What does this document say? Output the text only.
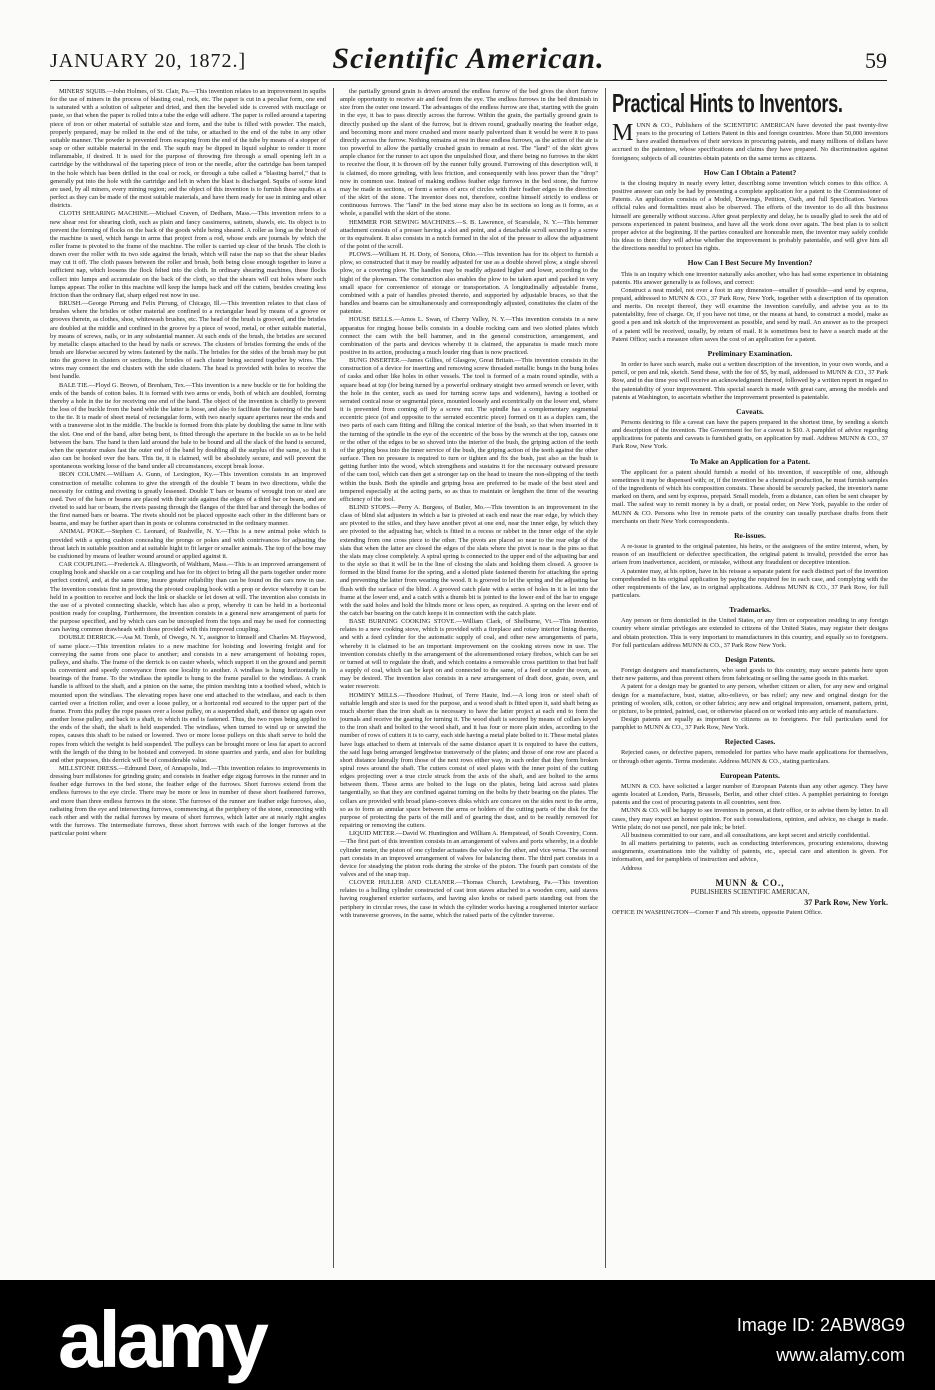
JANUARY 20, 1872.]	Scientific American.	59

MINERS' SQUIB.—John Holmes, of St. Clair, Pa.—This invention relates to an improvement in squibs for the use of miners in the process of blasting coal, rock, etc. The paper is cut in a peculiar form, one end is saturated with a solution of saltpeter and dried, and then the beveled side is covered with mucilage or paste, so that when the paper is rolled into a tube the edge will adhere. The paper is rolled around a tapering piece of iron or other material of suitable size and form, and the tube is filled with powder. The match, properly prepared, may be rolled in the end of the tube, or attached to the end of the tube in any other suitable manner. The powder is prevented from escaping from the end of the tube by means of a stopper of soap or other suitable material in the end. The squib may be dipped in liquid sulphur to render it more inflammable, if desired. It is used for the purpose of throwing fire through a small opening left in a cartridge by the withdrawal of the tapering piece of iron or the needle, after the cartridge has been tamped in the hole which has been drilled in the coal or rock, or through a tube called a "blasting barrel," that is generally put into the hole with the cartridge and left in when the blast is discharged. Squibs of some kind are used, by all miners, every mining region; and the object of this invention is to furnish these squibs at a perfect as they can be made of the most suitable materials, and have them ready for use in mining and other districts.

CLOTH SHEARING MACHINE.—Michael Craven, of Dedham, Mass.—This invention refers to a new shear rest for shearing cloth, such as plain and fancy cassimeres, satinets, shawls, etc. Its object is to prevent the forming of flocks on the back of the goods while being sheared. A roller as long as the brush of the machine is used, which hangs in arms that project from a rod, whose ends are journals by which the roller frame is pivoted to the frame of the machine. The roller is carried up clear of the brush. The cloth is drawn over the roller with its two side against the brush, which will raise the nap so that the shear blades may cut it off. The cloth passes between the roller and brush, both being close enough together to leave a sufficient nap, which loosens the flock felted into the cloth. In ordinary shearing machines, these flocks collect into lumps and accumulate on the back of the cloth, so that the shears will cut holes where such lumps appear. The roller in this machine will keep the lumps back and off the cutters, besides creating less friction than the ordinary flat, sharp edged rest now in use.

BRUSH.—George Pirrung and Felix Pirrung, of Chicago, Ill.—This invention relates to that class of brushes where the bristles or other material are confined to a rectangular head by means of a groove or grooves therein, as clothes, shoe, whitewash brushes, etc. The head of the brush is grooved, and the bristles are doubled at the middle and confined in the groove by a piece of wood, metal, or other suitable material, by means of screws, nails, or in any substantial manner. At such ends of the brush, the bristles are secured by metallic clasps attached to the head by nails or screws. The clusters of bristles forming the ends of the brush are likewise secured by wires fastened by the nails. The bristles for the sides of the brush may be put into the groove in clusters or sections, the bristles of each cluster being secured together by wires. The wires may connect the end clusters with the side clusters. The head is provided with holes to receive the best handle.

BALE TIE.—Floyd G. Brown, of Brenham, Tex.—This invention is a new buckle or tie for holding the ends of the bands of cotton bales. It is formed with two arms or ends, both of which are doubled, forming thereby a hole in the tie for receiving one end of the band. The object of the invention is chiefly to prevent the loss of the buckle from the band while the latter is loose, and also to facilitate the fastening of the band to the tie. It is made of sheet metal of rectangular form, with two nearly square apertures near the ends and with a transverse slot in the middle. The buckle is formed from this plate by doubling the same in line with the slot. One end of the band, after being bent, is fitted through the aperture in the buckle so as to be held between the bars. The band is then laid around the bale to be bound and all the slack of the band is secured, when the operator makes fast the outer end of the band by doubling all the surplus of the same, so that it also can be hooked over the bars. This tie, it is claimed, will be absolutely secure, and will prevent the spontaneous working loose of the band under all circumstances, except break loose.

IRON COLUMN.—William A. Gunn, of Lexington, Ky.—This invention consists in an improved construction of metallic columns to give the strength of the double T beam in two directions, while the necessity for cutting and riveting is greatly lessened. Double T bars or beams of wrought iron or steel are used. Two of the bars or beams are placed with their side against the edges of a third bar or beam, and are riveted to said bar or beam, the rivets passing through the flanges of the third bar and through the bodies of the first named bars or beams. The rivets should not be placed opposite each other in the different bars or beams, and may be further apart than in posts or columns constructed in the ordinary manner.

ANIMAL POKE.—Stephen C. Leonard, of Rushville, N. Y.—This is a new animal poke which is provided with a spring cushion concealing the prongs or pokes and with contrivances for adjusting the throat latch in suitable position and at suitable hight to fit larger or smaller animals. The top of the bow may be cushioned by means of leather wound around or applied against it.

CAR COUPLING.—Frederick A. Illingworth, of Waltham, Mass.—This is an improved arrangement of coupling hook and shackle on a car coupling and has for its object to bring all the parts together under more perfect control, and, at the same time, insure greater reliability than can be found on the cars now in use. The invention consists first in providing the pivoted coupling hook with a prop or device whereby it can be held in a position to receive and lock the link or shackle or let down at will. The invention also consists in the use of a pivoted connecting shackle, which has also a prop, whereby it can be held in a horizontal position ready for coupling. Furthermore, the invention consists in a general new arrangement of parts for the purpose specified, and by which cars can be uncoupled from the tops and may be used for connecting cars having common drawheads with those provided with this improved coupling.

DOUBLE DERRICK.—Asa M. Tomb, of Owego, N. Y., assignor to himself and Charles M. Haywood, of same place.—This invention relates to a new machine for hoisting and lowering freight and for conveying the same from one place to another; and consists in a new arrangement of hoisting ropes, pulleys, and shafts. The frame of the derrick is on caster wheels, which support it on the ground and permit its convenient and speedy conveyance from one locality to another. A windlass is hung horizontally in bearings of the frame. To the windlass the spindle is hung to the frame parallel to the windlass. A crank handle is affixed to the shaft, and a pinion on the same, the pinion meshing into a toothed wheel, which is mounted upon the windlass. The elevating ropes have one end attached to the windlass, and each is then carried over a friction roller, and over a loose pulley, or a horizontal rod secured to the upper part of the frame. From this pulley the rope passes over a loose pulley, on a suspended shaft, and thence up again over another loose pulley, and back to a shaft, to which its end is fastened. Thus, the two ropes being applied to the ends of the shaft, the shaft is held suspended. The windlass, when turned to wind up or unwind the ropes, causes this shaft to be raised or lowered. Two or more loose pulleys on this shaft serve to hold the ropes from which the weight is held suspended. The pulleys can be brought more or less far apart to accord with the length of the thing to be hoisted and conveyed. In stone quarries and yards, and also for building and other purposes, this derrick will be of considerable value.

MILLSTONE DRESS.—Edmund Deer, of Annapolis, Ind.—This invention relates to improvements in dressing burr millstones for grinding grain; and consists in feather edge zigzag furrows in the runner and in feather edge furrows in the bed stone, the feather edge of the furrows. Short furrows extend from the endless furrows to the eye circle. There may be more or less in number of these short feathered furrows, and more than three endless furrows in the stone. The furrows of the runner are feather edge furrows, also, radiating from the eye and intersecting furrows, commencing at the periphery of the stone, connecting with each other and with the radial furrows by means of short furrows, which latter are at nearly right angles with the furrows. The intermediate furrows, these short furrows with each of the longer furrows at the particular point where

the partially ground grain is driven around the endless furrow of the bed gives the short furrow ample opportunity to receive air and feed from the eye. The endless furrows in the bed diminish in size from the outer one inward. The advantages of the endless furrow are that, starting with the grain in the eye, it has to pass directly across the furrow. Within the grain, the partially ground grain is directly pushed up the slant of the furrow, but is driven round, gradually nearing the feather edge, and becoming more and more crushed and more nearly pulverized than it would be were it to pass directly across the furrow. Nothing remains at rest in these endless furrows, as the action of the air is too powerful to allow the partially crushed grain to remain at rest. The "land" of the skirt gives ample chance for the runner to act upon the unpulished flour, and there being no furrows in the skirt to receive the flour, it is thrown off by the runner fully ground. Furrowing of this description will, it is claimed, do more grinding, with less friction, and consequently with less power than the "drop" now in common use. Instead of making endless feather edge furrows in the bed stone, the furrow may be made in sections, or form a series of arcs of circles with their feather edges in the direction of the skirt of the stone. The inventor does not, therefore, confine himself strictly to endless or continuous furrows. The "land" in the bed stone may also be in sections so long as it forms, as a whole, a parallel with the skirt of the stone.

HEMMER FOR SEWING MACHINES.—S. B. Lawrence, of Scarsdale, N. Y.—This hemmer attachment consists of a presser having a slot and point, and a detachable scroll secured by a screw or its equivalent. It also consists in a notch formed in the slot of the presser to allow the adjustment of the point of the scroll.

PLOWS.—William H. H. Doty, of Sonora, Ohio.—This invention has for its object to furnish a plow, so constructed that it may be readily adjusted for use as a double shovel plow, a single shovel plow, or a covering plow. The handles may be readily adjusted higher and lower, according to the hight of the plowman. The construction also enables the plow to be taken apart and packed in very small space for convenience of storage or transportation. A longitudinally adjustable frame, combined with a pair of handles pivoted thereto, and supported by adjustable braces, so that the handles and beams can be simultaneously and correspondingly adjusted, constitutes the claim of the patentee.

HOUSE BELLS.—Amos L. Swan, of Cherry Valley, N. Y.—This invention consists in a new apparatus for ringing house bells consists in a double rocking cam and two slotted plates which connect the cam with the bell hammer, and in the general construction, arrangement, and combination of the parts and devices whereby it is claimed, the apparatus is made much more positive in its action, producing a much louder ring than is now practiced.

BUNG INSERTER.—James Gillies, of Glasgow, Great Britain.—This invention consists in the construction of a device for inserting and removing screw threaded metallic bungs in the bung holes of casks and other like holes in other vessels. The tool is formed of a main round spindle, with a square head at top (for being turned by a powerful ordinary straight two armed wrench or lever, with the hole in the center, such as used for turning screw taps and wideners), having a toothed or serrated conical nose or segmental piece, mounted loosely and eccentrically on the lower end, where it is prevented from coming off by a screw nut. The spindle has a complementary segmental eccentric piece (of and opposite to the serrated eccentric piece) formed on it as a duplex cam, the two parts of each cam fitting and filling the conical interior of the bush, so that when inserted in it the turning of the spindle in the eye of the eccentric of the boss by the wrench at the top, causes one or the other of the edges to be so shoved into the interior of the bush, the griping action of the teeth of the griping boss into the inner service of the bush, the griping action of the teeth against the other surface. Then no pressure is required to turn or tighten and fix the bush, just also as the bush is getting further into the wood, which strengthens and sustains it for the necessary outward pressure of the cam tool, which can then get a stronger tap on the head to insure the non-slipping of the teeth within the bush. Both the spindle and griping boss are preferred to be made of the best steel and tempered especially at the acting parts, so as thus to maintain or lengthen the time of the wearing efficiency of the tool.

BLIND STOPS.—Perry A. Burgess, of Butler, Mo.—This invention is an improvement in the class of blind slat adjusters in which a bar is pivoted at each end near the rear edge, by which they are pivoted to the stiles, and they have another pivot at one end, near the inner edge, by which they are pivoted to the adjusting bar, which is fitted in a recess or rabbet in the inner edge of the style extending from one cross piece to the other. The pivots are placed so near to the rear edge of the slats that when the latter are closed the edges of the slats where the pivot is near is the pins so that the slats may close completely. A spiral spring is connected to the upper end of the adjusting bar and to the style so that it will be in the line of closing the slats and holding them closed. A groove is formed in the blind frame for the spring, and a slotted plate fastened therein for attaching the spring and preventing the latter from wearing the wood. It is grooved to let the spring and the adjusting bar flush with the surface of the blind. A grooved catch plate with a series of holes in it is let into the frame at the lower end, and a catch with a thumb bit is jointed to the lower end of the bar to engage with the said holes and hold the blinds more or less open, as required. A spring on the lever end of the catch bar bearing on the catch keeps it in connection with the catch plate.

BASE BURNING COOKING STOVE.—William Clark, of Shelburne, Vt.—This invention relates to a new cooking stove, which is provided with a fireplace and rotary interior lining thereto, and with a feed cylinder for the automatic supply of coal, and other new arrangements of parts, whereby it is claimed to be an important improvement on the cooking stoves now in use. The invention consists chiefly in the arrangement of the aforementioned rotary firebox, which can be set or turned at will to regulate the draft, and which contains a removable cross partition to that but half a supply of coal, which can be kept on and connected to the same, of a feed or under the oven, as may be desired. The invention also consists in a new arrangement of draft door, grate, oven, and water reservoir.

HOMINY MILLS.—Theodore Hudnut, of Terre Haute, Ind.—A long iron or steel shaft of suitable length and size is used for the purpose, and a wood shaft is fitted upon it, said shaft being as much shorter than the iron shaft as is necessary to have the latter project at each end to form the journals and receive the gearing for turning it. The wood shaft is secured by means of collars keyed to the iron shaft and bolted to the wood shaft, and it has four or more plain sides, according to the number of rows of cutters it is to carry, each side having a metal plate bolted to it. These metal plates have lugs attached to them at intervals of the same distance apart it is required to have the cutters, the said lugs being arranged lengthwise transversely of the plates; and those of one row are placed a short distance laterally from those of the next rows either way, in such order that they form broken spiral rows around the shaft. The cutters consist of steel plates with the inner point of the cutting edges projecting over a true circle struck from the axis of the shaft, and are bolted to the arms between them. These arms are bolted to the lugs on the plates, being laid across said plates tangentially, so that they are confined against turning on the bolts by their bearing on the plates. The collars are provided with broad plano-convex disks which are concave on the sides next to the arms, so as to form an annular space between the arms or holders of the cutting parts of the disk for the purpose of protecting the parts of the mill and of gearing the dust, and to be readily removed for repairing or removing the cutters.

LIQUID METER.—David W. Huntington and William A. Hempstead, of South Coventry, Conn.—The first part of this invention consists in an arrangement of valves and ports whereby, in a double cylinder meter, the piston of one cylinder actuates the valve for the other, and vice versa. The second part consists in an improved arrangement of valves for balancing them. The third part consists in a device for steadying the piston rods during the stroke of the piston. The fourth part consists of the valves and of the snap trap.

CLOVER HULLER AND CLEANER.—Thomas Church, Lewisburg, Pa.—This invention relates to a hulling cylinder constructed of cast iron staves attached to a wooden core, said staves having roughened exterior surfaces, and having also knobs or raised parts standing out from the periphery in circular rows, the case in which the cylinder works having a roughened interior surface with transverse grooves, in the same, which the raised parts of the cylinder traverse.

Practical Hints to Inventors.

MUNN & CO., Publishers of the SCIENTIFIC AMERICAN have devoted the past twenty-five years to the procuring of Letters Patent in this and foreign countries. More than 50,000 inventors have availed themselves of their services in procuring patents, and many millions of dollars have accrued to the patentees, whose specifications and claims they have prepared. No discrimination against foreigners; subjects of all countries obtain patents on the same terms as citizens.

How Can I Obtain a Patent?

is the closing inquiry in nearly every letter, describing some invention which comes to this office. A positive answer can only be had by presenting a complete application for a patent to the Commissioner of Patents. An application consists of a Model, Drawings, Petition, Oath, and full Specification. Various official rules and formalities must also be observed. The efforts of the inventor to do all this business himself are generally without success. After great perplexity and delay, he is usually glad to seek the aid of persons experienced in patent business, and have all the work done over again. The best plan is to solicit proper advice at the beginning. If the parties consulted are honorable men, the inventor may safely confide his ideas to them: they will advise whether the improvement is probably patentable, and will give him all the directions needful to protect his rights.

How Can I Best Secure My Invention?

This is an inquiry which one inventor naturally asks another, who has had some experience in obtaining patents. His answer generally is as follows, and correct:

Construct a neat model, not over a foot in any dimension—smaller if possible—and send by express, prepaid, addressed to MUNN & CO., 37 Park Row, New York, together with a description of its operation and merits. On receipt thereof, they will examine the invention carefully, and advise you as to its patentability, free of charge. Or, if you have not time, or the means at hand, to construct a model, make as good a pen and ink sketch of the improvement as possible, and send by mail. An answer as to the prospect of a patent will be received, usually, by return of mail. It is sometimes best to have a search made at the Patent Office; such a measure often saves the cost of an application for a patent.

Preliminary Examination.

In order to have such search, make out a written description of the invention, in your own words, and a pencil, or pen and ink, sketch. Send these, with the fee of $5, by mail, addressed to MUNN & CO., 37 Park Row, and in due time you will receive an acknowledgment thereof, followed by a written report in regard to the patentability of your improvement. This special search is made with great care, among the models and patents at Washington, to ascertain whether the improvement presented is patentable.

Caveats.

Persons desiring to file a caveat can have the papers prepared in the shortest time, by sending a sketch and description of the invention. The Government fee for a caveat is $10. A pamphlet of advice regarding applications for patents and caveats is furnished gratis, on application by mail. Address MUNN & CO., 37 Park Row, New York.

To Make an Application for a Patent.

The applicant for a patent should furnish a model of his invention, if susceptible of one, although sometimes it may be dispensed with; or, if the invention be a chemical production, he must furnish samples of the ingredients of which his composition consists. These should be securely packed, the inventor's name marked on them, and sent by express, prepaid. Small models, from a distance, can often be sent cheaper by mail. The safest way to remit money is by a draft, or postal order, on New York, payable to the order of MUNN & CO. Persons who live in remote parts of the country can usually purchase drafts from their merchants on their New York correspondents.

Re-issues.

A re-issue is granted to the original patentee, his heirs, or the assignees of the entire interest, when, by reason of an insufficient or defective specification, the original patent is invalid, provided the error has arisen from inadvertence, accident, or mistake, without any fraudulent or deceptive intention.

A patentee may, at his option, have in his reissue a separate patent for each distinct part of the invention comprehended in his original application by paying the required fee in each case, and complying with the other requirements of the law, as in original applications. Address MUNN & CO., 37 Park Row, for full particulars.

Trademarks.

Any person or firm domiciled in the United States, or any firm or corporation residing in any foreign country where similar privileges are extended to citizens of the United States, may register their designs and obtain protection. This is very important to manufacturers in this country, and equally so to foreigners. For full particulars address MUNN & CO., 37 Park Row New York.

Design Patents.

Foreign designers and manufacturers, who send goods to this country, may secure patents here upon their new patterns, and thus prevent others from fabricating or selling the same goods in this market.

A patent for a design may be granted to any person, whether citizen or alien, for any new and original design for a manufacture, bust, statue, alto-relievo, or bas relief; any new and original design for the printing of woolen, silk, cotton, or other fabrics; any new and original impression, ornament, pattern, print, or picture, to be printed, painted, cast, or otherwise placed on or worked into any article of manufacture.

Design patents are equally as important to citizens as to foreigners. For full particulars send for pamphlet to MUNN & CO., 37 Park Row, New York.

Rejected Cases.

Rejected cases, or defective papers, remodeled for parties who have made applications for themselves, or through other agents. Terms moderate. Address MUNN & CO., stating particulars.

European Patents.

MUNN & CO. have solicited a larger number of European Patents than any other agency. They have agents located at London, Paris, Brussels, Berlin, and other chief cities. A pamphlet pertaining to foreign patents and the cost of procuring patents in all countries, sent free.

MUNN & CO. will be happy to see inventors in person, at their office, or to advise them by letter. In all cases, they may expect an honest opinion. For such consultations, opinion, and advice, no charge is made. Write plain; do not use pencil, nor pale ink; be brief.

All business committed to our care, and all consultations, are kept secret and strictly confidential.

In all matters pertaining to patents, such as conducting interferences, procuring extensions, drawing assignments, examinations into the validity of patents, etc., special care and attention is given. For information, and for pamphlets of instruction and advice,

Address

MUNN & CO.,
PUBLISHERS SCIENTIFIC AMERICAN,
37 Park Row, New York.
OFFICE IN WASHINGTON—Corner F and 7th streets, opposite Patent Office.
alamy	Image ID: 2ABW8G9
www.alamy.com
